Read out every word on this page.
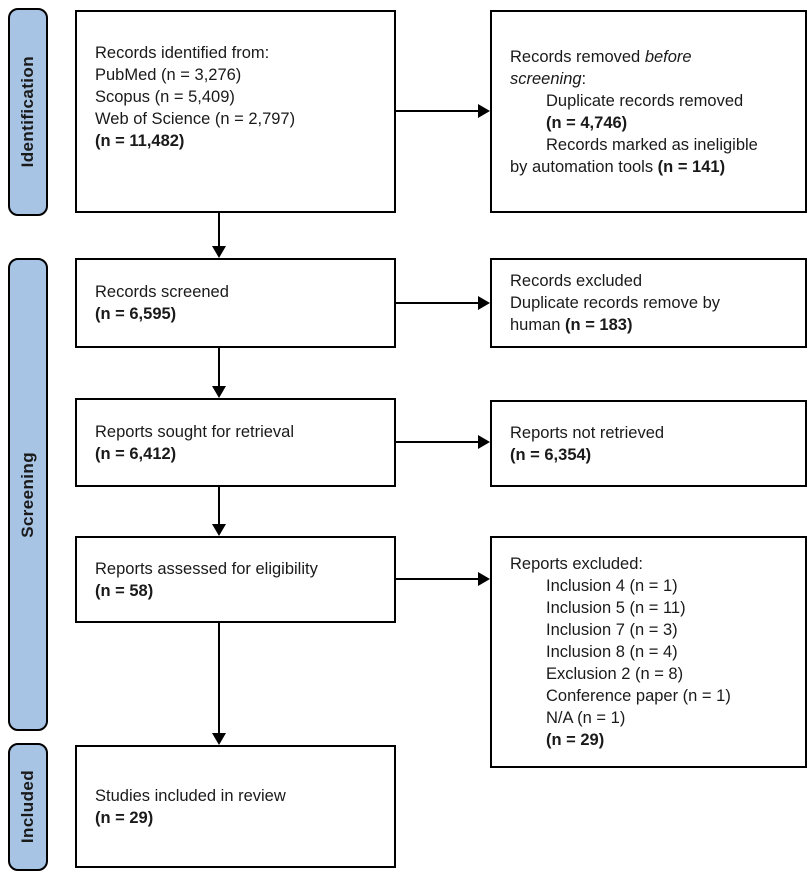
Identification
Screening
Included
Records identified from:
PubMed (n = 3,276)
Scopus (n = 5,409)
Web of Science (n = 2,797)
(n = 11,482)
Records screened
(n = 6,595)
Reports sought for retrieval
(n = 6,412)
Reports assessed for eligibility
(n = 58)
Studies included in review
(n = 29)
Records removed before
screening:
Duplicate records removed
(n = 4,746)
Records marked as ineligible
by automation tools (n = 141)
Records excluded
Duplicate records remove by
human (n = 183)
Reports not retrieved
(n = 6,354)
Reports excluded:
Inclusion 4 (n = 1)
Inclusion 5 (n = 11)
Inclusion 7 (n = 3)
Inclusion 8 (n = 4)
Exclusion 2 (n = 8)
Conference paper (n = 1)
N/A (n = 1)
(n = 29)
